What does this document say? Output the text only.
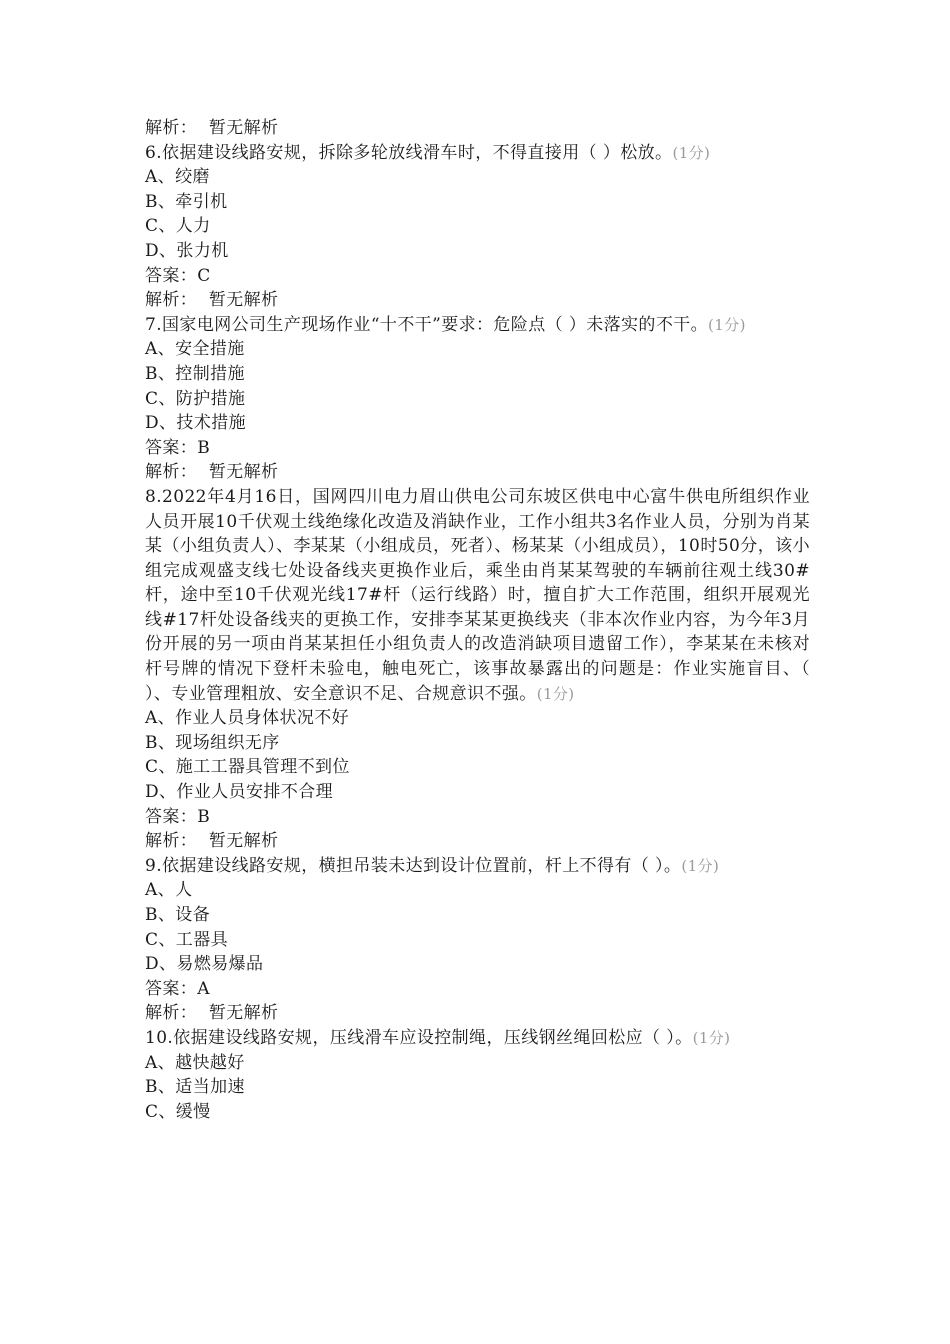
解析： 暂无解析
6.依据建设线路安规，拆除多轮放线滑车时，不得直接用（ ）松放。(1分)
A、绞磨
B、牵引机
C、人力
D、张力机
答案：C
解析： 暂无解析
7.国家电网公司生产现场作业“十不干”要求：危险点（ ）未落实的不干。(1分)
A、安全措施
B、控制措施
C、防护措施
D、技术措施
答案：B
解析： 暂无解析
8.2022年4月16日，国网四川电力眉山供电公司东坡区供电中心富牛供电所组织作业人员开展10千伏观土线绝缘化改造及消缺作业，工作小组共3名作业人员，分别为肖某某（小组负责人）、李某某（小组成员，死者）、杨某某（小组成员），10时50分，该小组完成观盛支线七处设备线夹更换作业后，乘坐由肖某某驾驶的车辆前往观土线30#杆，途中至10千伏观光线17#杆（运行线路）时，擅自扩大工作范围，组织开展观光线#17杆处设备线夹的更换工作，安排李某某更换线夹（非本次作业内容，为今年3月份开展的另一项由肖某某担任小组负责人的改造消缺项目遗留工作），李某某在未核对杆号牌的情况下登杆未验电，触电死亡，该事故暴露出的问题是：作业实施盲目、（ ）、专业管理粗放、安全意识不足、合规意识不强。(1分)
A、作业人员身体状况不好
B、现场组织无序
C、施工工器具管理不到位
D、作业人员安排不合理
答案：B
解析： 暂无解析
9.依据建设线路安规，横担吊装未达到设计位置前，杆上不得有（ ）。(1分)
A、人
B、设备
C、工器具
D、易燃易爆品
答案：A
解析： 暂无解析
10.依据建设线路安规，压线滑车应设控制绳，压线钢丝绳回松应（ ）。(1分)
A、越快越好
B、适当加速
C、缓慢
